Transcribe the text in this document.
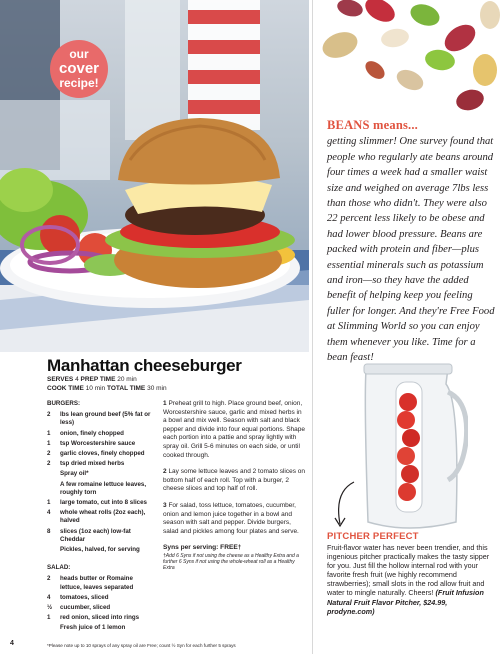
our
cover
recipe!
BEANS means...
getting slimmer! One survey found that people who regularly ate beans around four times a week had a smaller waist size and weighed on average 7lbs less than those who didn't. They were also 22 percent less likely to be obese and had lower blood pressure. Beans are packed with protein and fiber—plus essential minerals such as potassium and iron—so they have the added benefit of helping keep you feeling fuller for longer. And they're Free Food at Slimming World so you can enjoy them whenever you like. Time for a bean feast!
Manhattan cheeseburger
SERVES 4 PREP TIME 20 min
COOK TIME 10 min TOTAL TIME 30 min
BURGERS:
2	lbs lean ground beef (5% fat or less)
1	onion, finely chopped
1	tsp Worcestershire sauce
2	garlic cloves, finely chopped
2	tsp dried mixed herbs
Spray oil*
A few romaine lettuce leaves, roughly torn
1	large tomato, cut into 8 slices
4	whole wheat rolls (2oz each), halved
8	slices (1oz each) low-fat Cheddar
Pickles, halved, for serving
SALAD:
2	heads butter or Romaine lettuce, leaves separated
4	tomatoes, sliced
½	cucumber, sliced
1	red onion, sliced into rings
Fresh juice of 1 lemon
1 Preheat grill to high. Place ground beef, onion, Worcestershire sauce, garlic and mixed herbs in a bowl and mix well. Season with salt and black pepper and divide into four equal portions. Shape each portion into a pattie and spray lightly with spray oil. Grill 5-6 minutes on each side, or until cooked through.
2 Lay some lettuce leaves and 2 tomato slices on bottom half of each roll. Top with a burger, 2 cheese slices and top half of roll.
3 For salad, toss lettuce, tomatoes, cucumber, onion and lemon juice together in a bowl and season with salt and pepper. Divide burgers, salad and pickles among four plates and serve.
Syns per serving: FREE†
†Add 6 Syns if not using the cheese as a Healthy Extra and a further 6 Syns if not using the whole-wheat roll as a Healthy Extra
4	*Please note up to 10 sprays of any spray oil are Free; count ½ Syn for each further 5 sprays
PITCHER PERFECT
Fruit-flavor water has never been trendier, and this ingenious pitcher practically makes the tasty sipper for you. Just fill the hollow internal rod with your favorite fresh fruit (we highly recommend strawberries); small slots in the rod allow fruit and water to mingle naturally. Cheers! (Fruit Infusion Natural Fruit Flavor Pitcher, $24.99, prodyne.com)
